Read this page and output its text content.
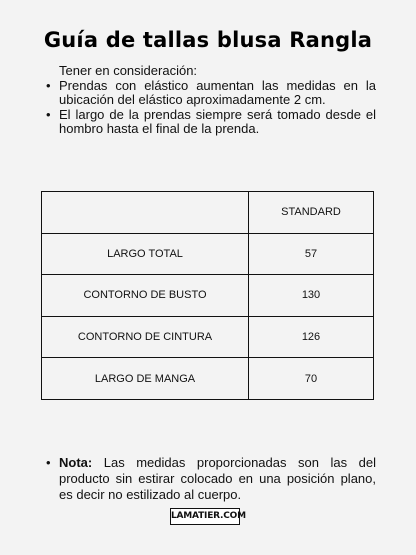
Guía de tallas blusa Rangla
Tener en consideración:
• Prendas con elástico aumentan las medidas en la ubicación del elástico aproximadamente 2 cm.
• El largo de la prendas siempre será tomado desde el hombro hasta el final de la prenda.
	STANDARD
LARGO TOTAL	57
CONTORNO DE BUSTO	130
CONTORNO DE CINTURA	126
LARGO DE MANGA	70
• Nota: Las medidas proporcionadas son las del producto sin estirar colocado en una posición plano, es decir no estilizado al cuerpo.
LAMATIER.COM
